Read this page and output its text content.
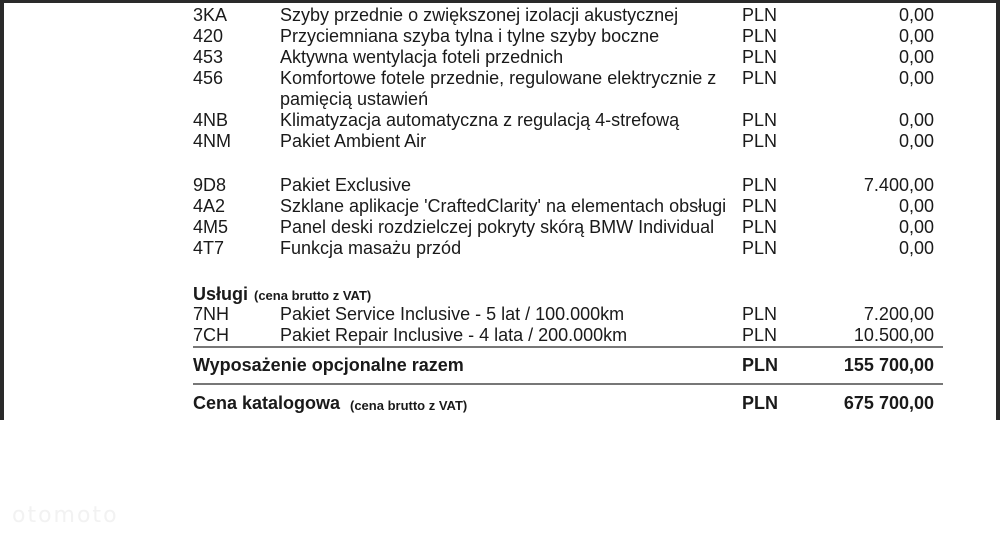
3KA	Szyby przednie o zwiększonej izolacji akustycznej	PLN	0,00
420	Przyciemniana szyba tylna i tylne szyby boczne	PLN	0,00
453	Aktywna wentylacja foteli przednich	PLN	0,00
456	Komfortowe fotele przednie, regulowane elektrycznie z	PLN	0,00
pamięcią ustawień
4NB	Klimatyzacja automatyczna z regulacją 4-strefową	PLN	0,00
4NM	Pakiet Ambient Air	PLN	0,00
9D8	Pakiet Exclusive	PLN	7.400,00
4A2	Szklane aplikacje 'CraftedClarity' na elementach obsługi PLN	0,00
4M5	Panel deski rozdzielczej pokryty skórą BMW Individual	PLN	0,00
4T7	Funkcja masażu przód	PLN	0,00
Usługi (cena brutto z VAT)
7NH	Pakiet Service Inclusive - 5 lat / 100.000km	PLN	7.200,00
7CH	Pakiet Repair Inclusive - 4 lata / 200.000km	PLN	10.500,00
Wyposażenie opcjonalne razem	PLN	155 700,00
Cena katalogowa (cena brutto z VAT)	PLN	675 700,00
otomoto
